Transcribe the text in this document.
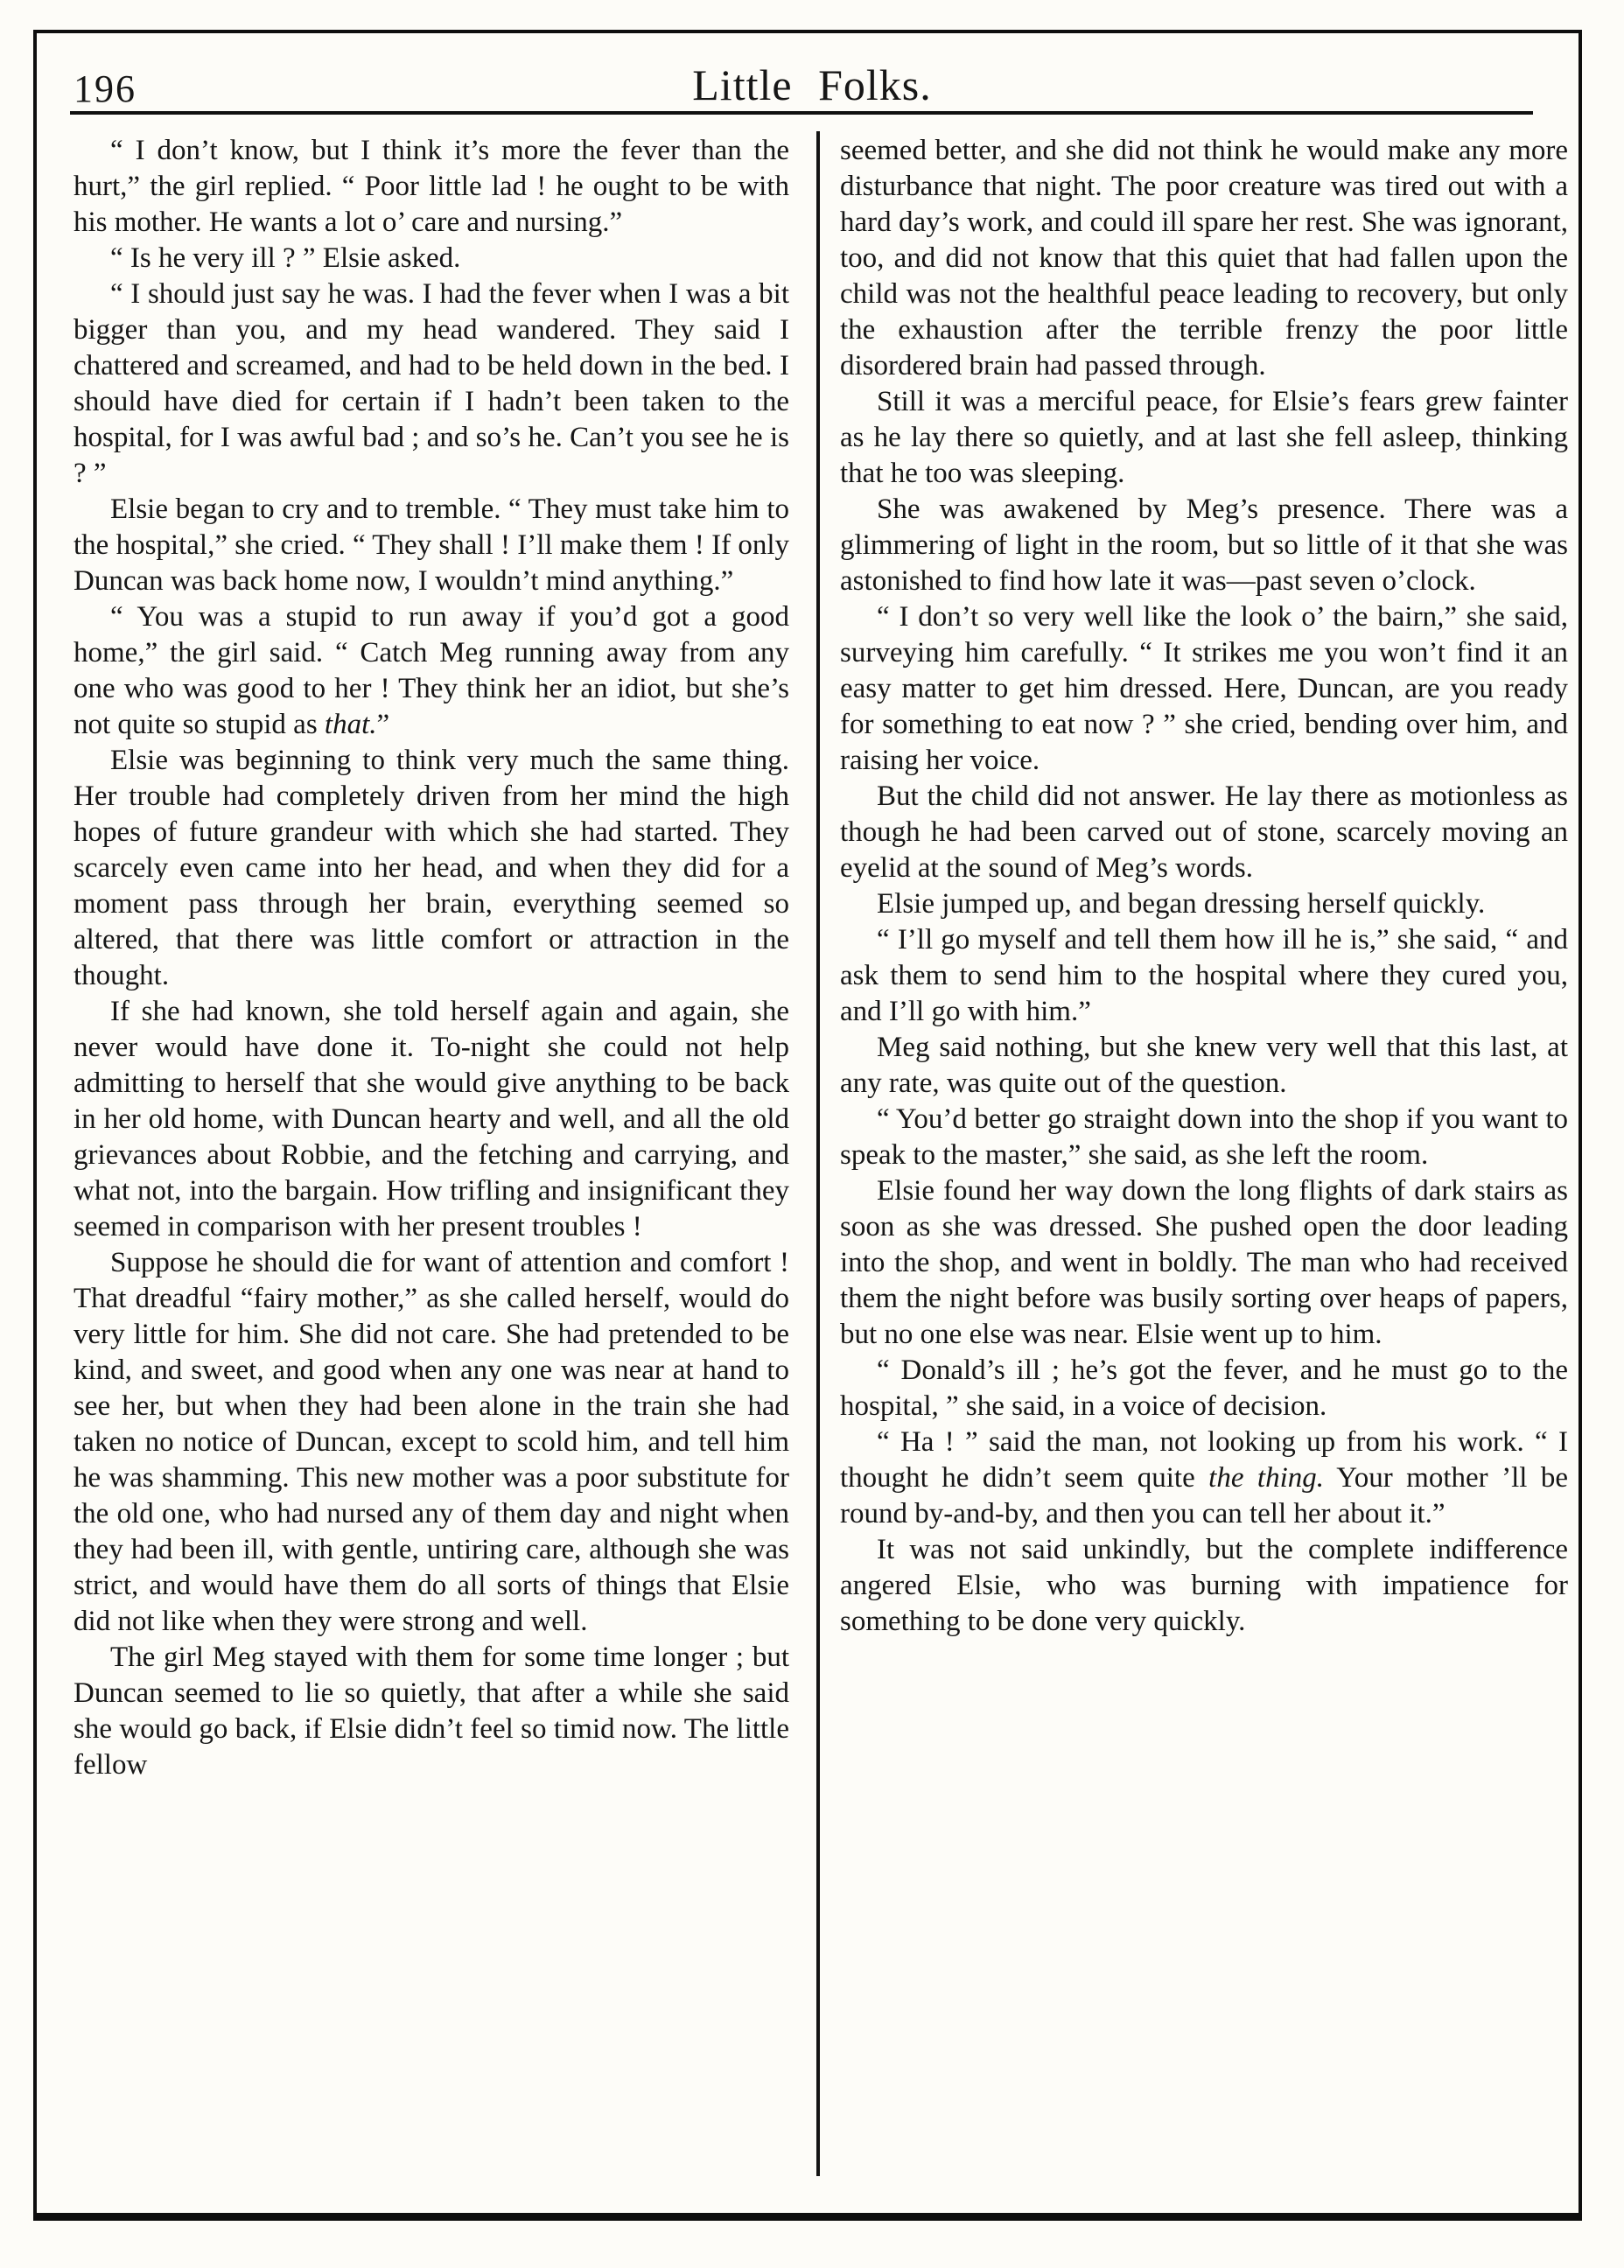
196	Little Folks.

“ I don’t know, but I think it’s more the fever than the hurt,” the girl replied. “ Poor little lad ! he ought to be with his mother. He wants a lot o’ care and nursing.”

“ Is he very ill ? ” Elsie asked.

“ I should just say he was. I had the fever when I was a bit bigger than you, and my head wandered. They said I chattered and screamed, and had to be held down in the bed. I should have died for certain if I hadn’t been taken to the hospital, for I was awful bad ; and so’s he. Can’t you see he is ? ”

Elsie began to cry and to tremble. “ They must take him to the hospital,” she cried. “ They shall ! I’ll make them ! If only Duncan was back home now, I wouldn’t mind anything.”

“ You was a stupid to run away if you’d got a good home,” the girl said. “ Catch Meg running away from any one who was good to her ! They think her an idiot, but she’s not quite so stupid as that.”

Elsie was beginning to think very much the same thing. Her trouble had completely driven from her mind the high hopes of future grandeur with which she had started. They scarcely even came into her head, and when they did for a moment pass through her brain, everything seemed so altered, that there was little comfort or attraction in the thought.

If she had known, she told herself again and again, she never would have done it. To-night she could not help admitting to herself that she would give anything to be back in her old home, with Duncan hearty and well, and all the old grievances about Robbie, and the fetching and carrying, and what not, into the bargain. How trifling and insignificant they seemed in comparison with her present troubles !

Suppose he should die for want of attention and comfort ! That dreadful “fairy mother,” as she called herself, would do very little for him. She did not care. She had pretended to be kind, and sweet, and good when any one was near at hand to see her, but when they had been alone in the train she had taken no notice of Duncan, except to scold him, and tell him he was shamming. This new mother was a poor substitute for the old one, who had nursed any of them day and night when they had been ill, with gentle, untiring care, although she was strict, and would have them do all sorts of things that Elsie did not like when they were strong and well.

The girl Meg stayed with them for some time longer ; but Duncan seemed to lie so quietly, that after a while she said she would go back, if Elsie didn’t feel so timid now. The little fellow

seemed better, and she did not think he would make any more disturbance that night. The poor creature was tired out with a hard day’s work, and could ill spare her rest. She was ignorant, too, and did not know that this quiet that had fallen upon the child was not the healthful peace leading to recovery, but only the exhaustion after the terrible frenzy the poor little disordered brain had passed through.

Still it was a merciful peace, for Elsie’s fears grew fainter as he lay there so quietly, and at last she fell asleep, thinking that he too was sleeping.

She was awakened by Meg’s presence. There was a glimmering of light in the room, but so little of it that she was astonished to find how late it was—past seven o’clock.

“ I don’t so very well like the look o’ the bairn,” she said, surveying him carefully. “ It strikes me you won’t find it an easy matter to get him dressed. Here, Duncan, are you ready for something to eat now ? ” she cried, bending over him, and raising her voice.

But the child did not answer. He lay there as motionless as though he had been carved out of stone, scarcely moving an eyelid at the sound of Meg’s words.

Elsie jumped up, and began dressing herself quickly.

“ I’ll go myself and tell them how ill he is,” she said, “ and ask them to send him to the hospital where they cured you, and I’ll go with him.”

Meg said nothing, but she knew very well that this last, at any rate, was quite out of the question.

“ You’d better go straight down into the shop if you want to speak to the master,” she said, as she left the room.

Elsie found her way down the long flights of dark stairs as soon as she was dressed. She pushed open the door leading into the shop, and went in boldly. The man who had received them the night before was busily sorting over heaps of papers, but no one else was near. Elsie went up to him.

“ Donald’s ill ; he’s got the fever, and he must go to the hospital, ” she said, in a voice of decision.

“ Ha ! ” said the man, not looking up from his work. “ I thought he didn’t seem quite the thing. Your mother ’ll be round by-and-by, and then you can tell her about it.”

It was not said unkindly, but the complete indifference angered Elsie, who was burning with impatience for something to be done very quickly.
